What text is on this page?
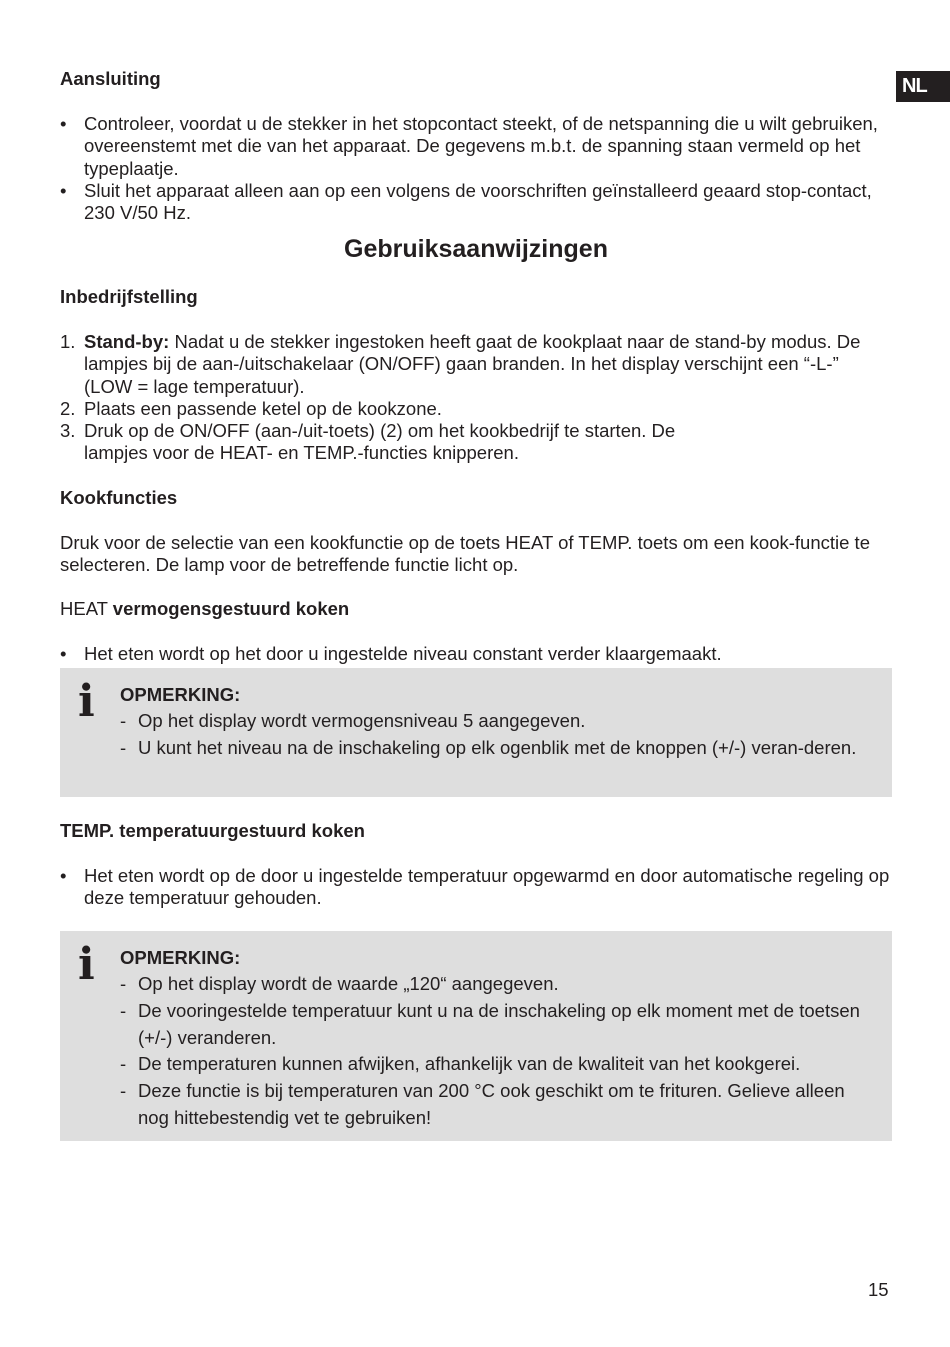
NL
Aansluiting
• Controleer, voordat u de stekker in het stopcontact steekt, of de netspanning die u wilt gebruiken, overeenstemt met die van het apparaat. De gegevens m.b.t. de spanning staan vermeld op het typeplaatje.
• Sluit het apparaat alleen aan op een volgens de voorschriften geïnstalleerd geaard stop-contact, 230 V/50 Hz.
Gebruiksaanwijzingen
Inbedrijfstelling
1. Stand-by: Nadat u de stekker ingestoken heeft gaat de kookplaat naar de stand-by modus. De lampjes bij de aan-/uitschakelaar (ON/OFF) gaan branden. In het display verschijnt een “-L-” (LOW = lage temperatuur).
2. Plaats een passende ketel op de kookzone.
3. Druk op de ON/OFF (aan-/uit-toets) (2) om het kookbedrijf te starten. De lampjes voor de HEAT- en TEMP.-functies knipperen.
Kookfuncties

Druk voor de selectie van een kookfunctie op de toets HEAT of TEMP. toets om een kook-functie te selecteren. De lamp voor de betreffende functie licht op.

HEAT vermogensgestuurd koken
• Het eten wordt op het door u ingestelde niveau constant verder klaargemaakt.
i OPMERKING:
- Op het display wordt vermogensniveau 5 aangegeven.
- U kunt het niveau na de inschakeling op elk ogenblik met de knoppen (+/-) veran-deren.
TEMP. temperatuurgestuurd koken
• Het eten wordt op de door u ingestelde temperatuur opgewarmd en door automatische regeling op deze temperatuur gehouden.
i OPMERKING:
- Op het display wordt de waarde „120“ aangegeven.
- De vooringestelde temperatuur kunt u na de inschakeling op elk moment met de toetsen (+/-) veranderen.
- De temperaturen kunnen afwijken, afhankelijk van de kwaliteit van het kookgerei.
- Deze functie is bij temperaturen van 200 °C ook geschikt om te frituren. Gelieve alleen nog hittebestendig vet te gebruiken!
15
